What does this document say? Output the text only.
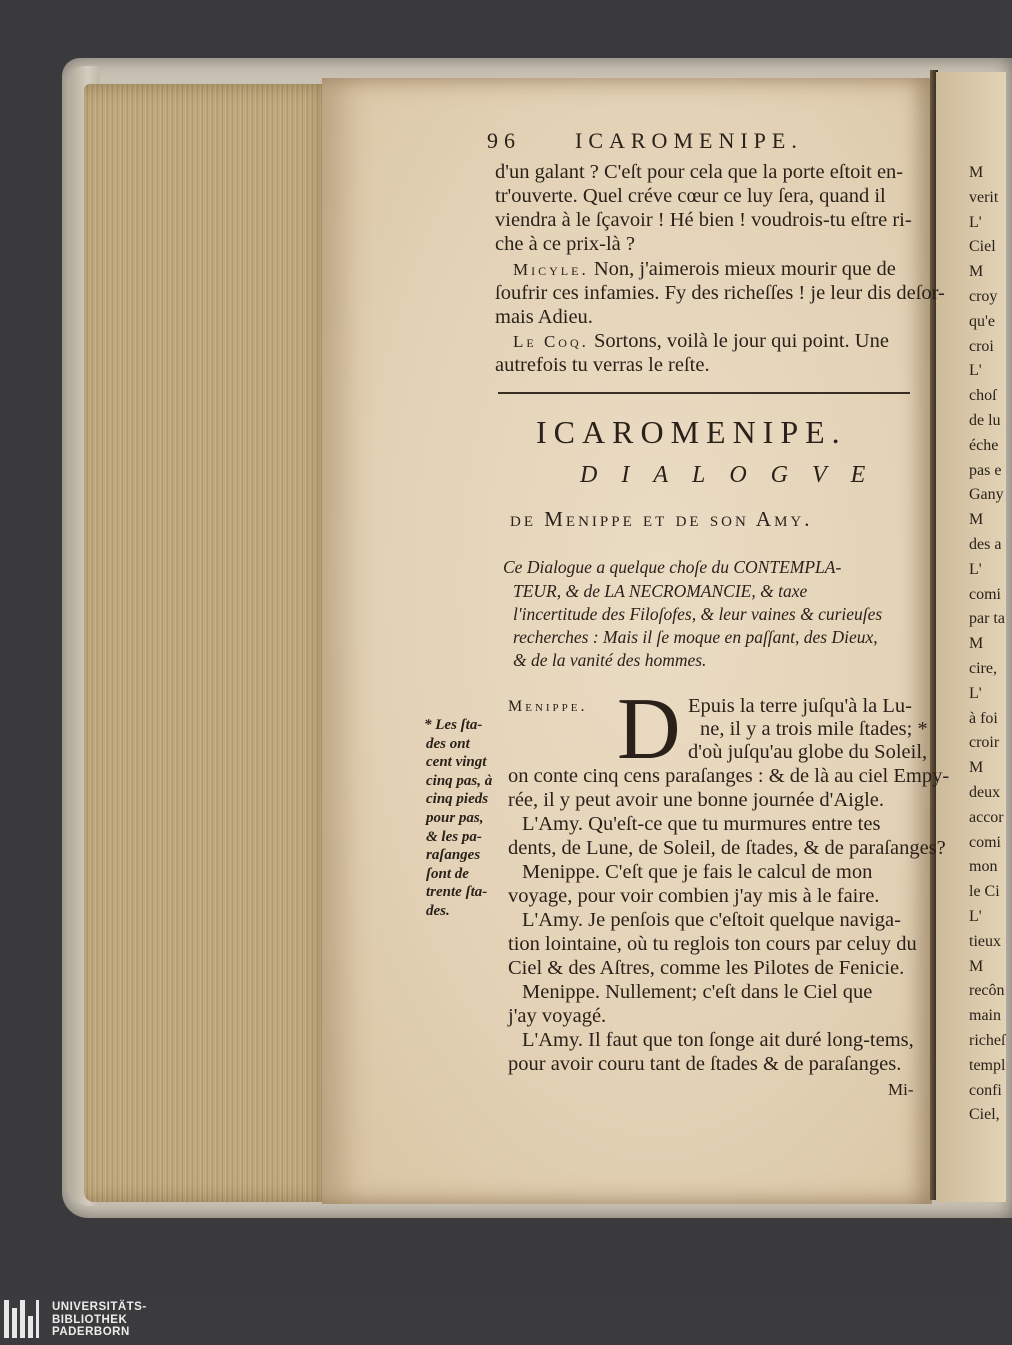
96 ICAROMENIPE.
d'un galant ? C'eſt pour cela que la porte eſtoit en-
tr'ouverte. Quel créve cœur ce luy ſera, quand il
viendra à le ſçavoir ! Hé bien ! voudrois-tu eſtre ri-
che à ce prix-là ?
Micyle. Non, j'aimerois mieux mourir que de
ſoufrir ces infamies. Fy des richeſſes ! je leur dis deſor-
mais Adieu.
Le Coq. Sortons, voilà le jour qui point. Une
autrefois tu verras le reſte.
ICAROMENIPE.
DIALOGVE
de Menippe et de son Amy.
Ce Dialogue a quelque choſe du CONTEMPLA-
TEUR, & de LA NECROMANCIE, & taxe
l'incertitude des Filoſofes, & leur vaines & curieuſes
recherches : Mais il ſe moque en paſſant, des Dieux,
& de la vanité des hommes.
Menippe. D Epuis la terre juſqu'à la Lu-
ne, il y a trois mile ſtades; *
d'où juſqu'au globe du Soleil,
on conte cinq cens paraſanges : & de là au ciel Empy-
rée, il y peut avoir une bonne journée d'Aigle.
L'Amy. Qu'eſt-ce que tu murmures entre tes
dents, de Lune, de Soleil, de ſtades, & de paraſanges?
Menippe. C'eſt que je fais le calcul de mon
voyage, pour voir combien j'ay mis à le faire.
L'Amy. Je penſois que c'eſtoit quelque naviga-
tion lointaine, où tu reglois ton cours par celuy du
Ciel & des Aſtres, comme les Pilotes de Fenicie.
Menippe. Nullement; c'eſt dans le Ciel que
j'ay voyagé.
L'Amy. Il faut que ton ſonge ait duré long-tems,
pour avoir couru tant de ſtades & de paraſanges.
Mi-
* Les ſta-
des ont
cent vingt
cinq pas, à
cinq pieds
pour pas,
& les pa-
raſanges
ſont de
trente ſta-
des.
M
verit
L'
Ciel
M
croy
qu'e
croi
L'
choſ
de lu
éche
pas e
Gany
M
des a
L'
comi
par ta
M
cire,
L'
à foi
croir
M
deux
accor
comi
mon
le Ci
L'
tieux
M
recôn
main
richeſ
templ
confi
Ciel,
UNIVERSITÄTS-
BIBLIOTHEK
PADERBORN
